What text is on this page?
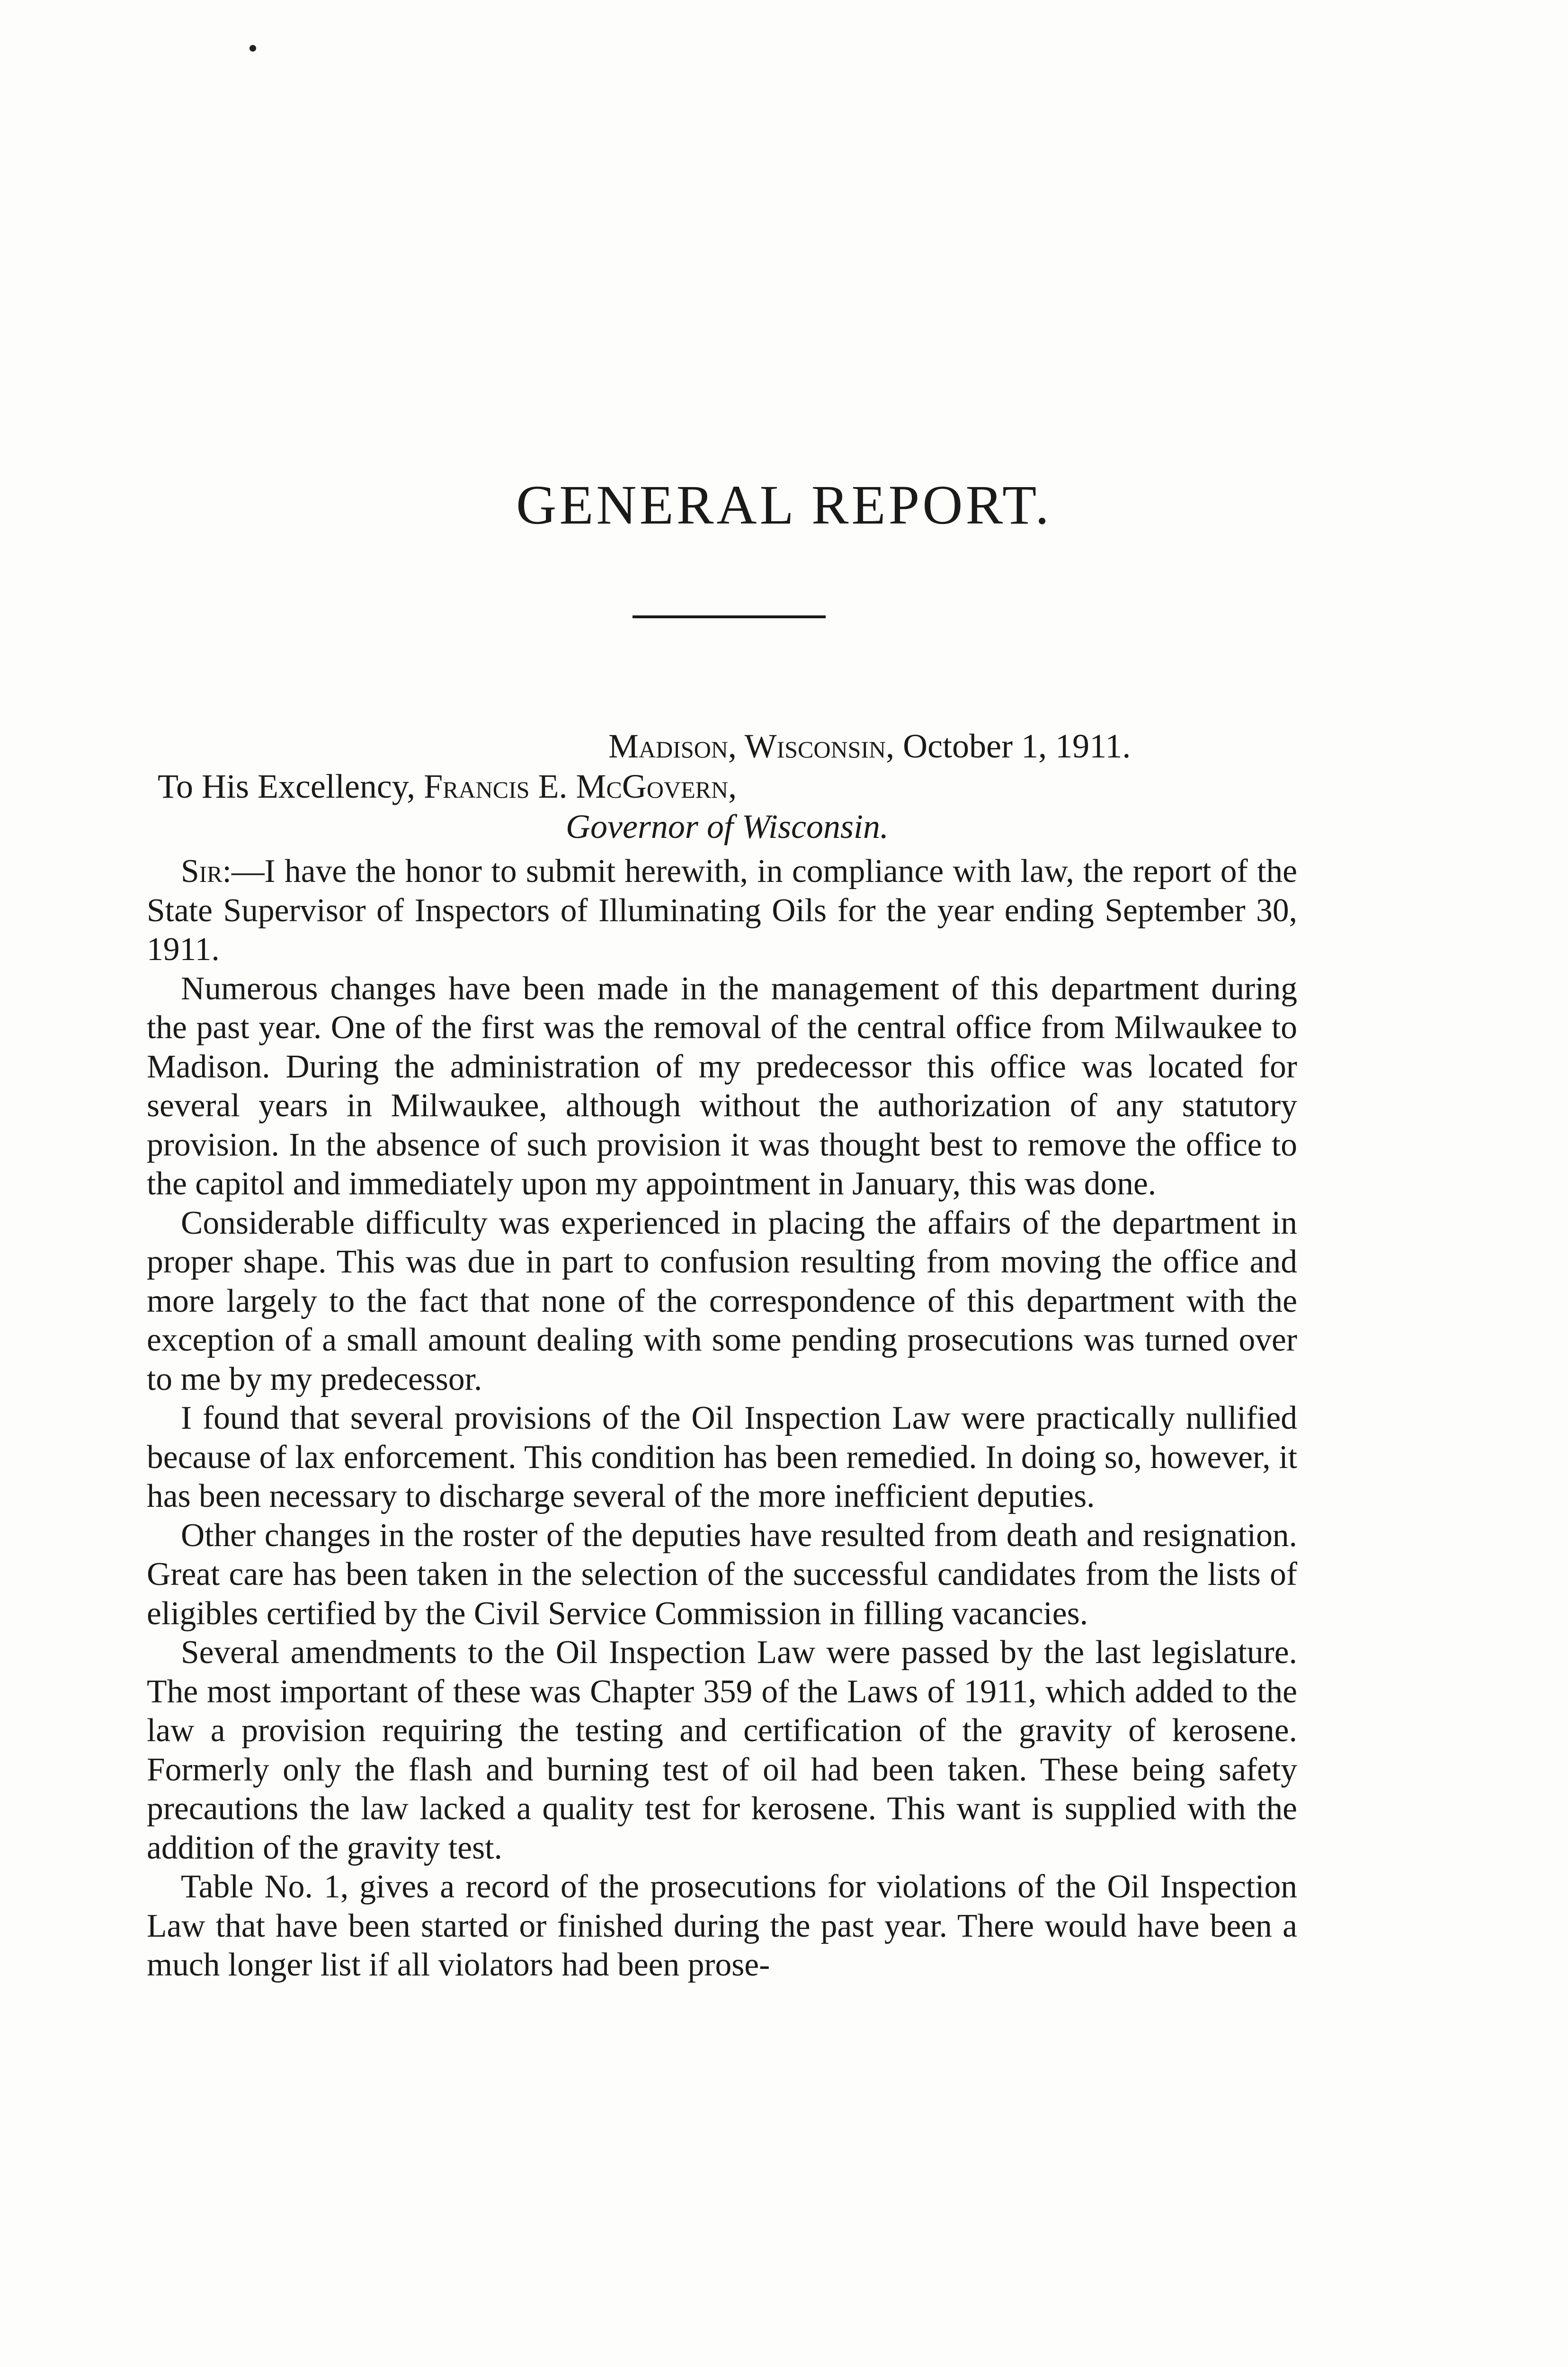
GENERAL REPORT.
Madison, Wisconsin, October 1, 1911.
To His Excellency, Francis E. McGovern,
Governor of Wisconsin.

Sir:—I have the honor to submit herewith, in compliance with law, the report of the State Supervisor of Inspectors of Illuminating Oils for the year ending September 30, 1911.

Numerous changes have been made in the management of this department during the past year. One of the first was the removal of the central office from Milwaukee to Madison. During the administration of my predecessor this office was located for several years in Milwaukee, although without the authorization of any statutory provision. In the absence of such provision it was thought best to remove the office to the capitol and immediately upon my appointment in January, this was done.

Considerable difficulty was experienced in placing the affairs of the department in proper shape. This was due in part to confusion resulting from moving the office and more largely to the fact that none of the correspondence of this department with the exception of a small amount dealing with some pending prosecutions was turned over to me by my predecessor.

I found that several provisions of the Oil Inspection Law were practically nullified because of lax enforcement. This condition has been remedied. In doing so, however, it has been necessary to discharge several of the more inefficient deputies.

Other changes in the roster of the deputies have resulted from death and resignation. Great care has been taken in the selection of the successful candidates from the lists of eligibles certified by the Civil Service Commission in filling vacancies.

Several amendments to the Oil Inspection Law were passed by the last legislature. The most important of these was Chapter 359 of the Laws of 1911, which added to the law a provision requiring the testing and certification of the gravity of kerosene. Formerly only the flash and burning test of oil had been taken. These being safety precautions the law lacked a quality test for kerosene. This want is supplied with the addition of the gravity test.

Table No. 1, gives a record of the prosecutions for violations of the Oil Inspection Law that have been started or finished during the past year. There would have been a much longer list if all violators had been prose-
